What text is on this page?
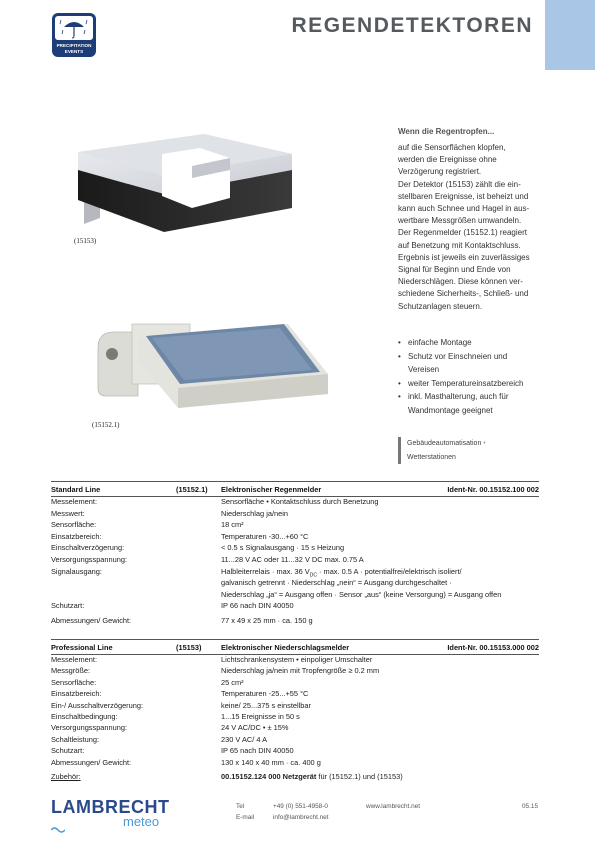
REGENDETEKTOREN
PRECIPITATION
EVENTS
(15153)
(15152.1)
Wenn die Regentropfen...
auf die Sensorflächen klopfen,
werden die Ereignisse ohne
Verzögerung registriert.
Der Detektor (15153) zählt die ein-
stellbaren Ereignisse, ist beheizt und
kann auch Schnee und Hagel in aus-
wertbare Messgrößen umwandeln.
Der Regenmelder (15152.1) reagiert
auf Benetzung mit Kontaktschluss.
Ergebnis ist jeweils ein zuverlässiges
Signal für Beginn und Ende von
Niederschlägen. Diese können ver-
schiedene Sicherheits-, Schließ- und
Schutzanlagen steuern.
• einfache Montage
• Schutz vor Einschneien und
Vereisen
• weiter Temperatureinsatzbereich
• inkl. Masthalterung, auch für
Wandmontage geeignet
Gebäudeautomatisation •
Wetterstationen
Standard Line	(15152.1) Elektronischer Regenmelder	Ident-Nr. 00.15152.100 002
Messelement:	Sensorfläche • Kontaktschluss durch Benetzung
Messwert:	Niederschlag ja/nein
Sensorfläche:	18 cm²
Einsatzbereich:	Temperaturen -30...+60 °C
Einschaltverzögerung:	< 0.5 s Signalausgang · 15 s Heizung
Versorgungsspannung:	11...28 V AC oder 11...32 V DC max. 0.75 A
Signalausgang:	Halbleiterrelais · max. 36 $V_{DC} \cdot \max$. 0.5 A · potentialfrei/elektrisch isoliert/
galvanisch getrennt · Niederschlag „nein“ = Ausgang durchgeschaltet ·
Niederschlag „ja“ = Ausgang offen · Sensor „aus“ (keine Versorgung) = Ausgang offen
Schutzart:	IP 66 nach DIN 40050
Abmessungen/ Gewicht:	77 x 49 x 25 mm · ca. 150 g
Professional Line	(15153)	Elektronischer Niederschlagsmelder	Ident-Nr. 00.15153.000 002
Messelement:	Lichtschrankensystem • einpoliger Umschalter
Messgröße:	Niederschlag ja/nein mit Tropfengröße ≥ 0.2 mm
Sensorfläche:	25 cm²
Einsatzbereich:	Temperaturen -25...+55 °C
Ein-/ Ausschaltverzögerung:	keine/ 25...375 s einstellbar
Einschaltbedingung:	1...15 Ereignisse in 50 s
Versorgungsspannung:	24 V AC/DC • ± 15%
Schaltleistung:	230 V AC/ 4 A
Schutzart:	IP 65 nach DIN 40050
Abmessungen/ Gewicht:	130 x 140 x 40 mm · ca. 400 g
Zubehör:	00.15152.124 000 Netzgerät für (15152.1) und (15153)
LAMBRECHT
meteo
Tel
E-mail
+49 (0) 551-4958-0
info@lambrecht.net
www.lambrecht.net	05.15
